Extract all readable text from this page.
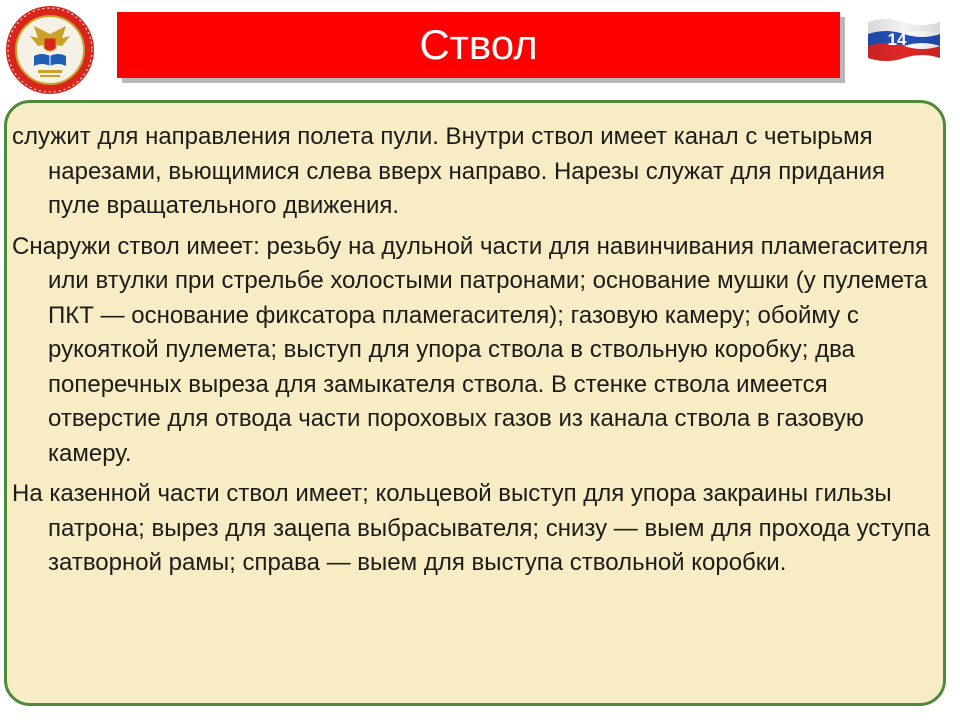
Ствол	14

служит для направления полета пули. Внутри ствол имеет канал с четырьмя нарезами, вьющимися слева вверх направо. Нарезы служат для придания пуле вращательного движения.

Снаружи ствол имеет: резьбу на дульной части для навинчивания пламегасителя или втулки при стрельбе холостыми патронами; основание мушки (у пулемета ПКТ — основание фиксатора пламегасителя); газовую камеру; обойму с рукояткой пулемета; выступ для упора ствола в ствольную коробку; два поперечных выреза для замыкателя ствола. В стенке ствола имеется отверстие для отвода части пороховых газов из канала ствола в газовую камеру.

На казенной части ствол имеет; кольцевой выступ для упора закраины гильзы патрона; вырез для зацепа выбрасывателя; снизу — выем для прохода уступа затворной рамы; справа — выем для выступа ствольной коробки.
